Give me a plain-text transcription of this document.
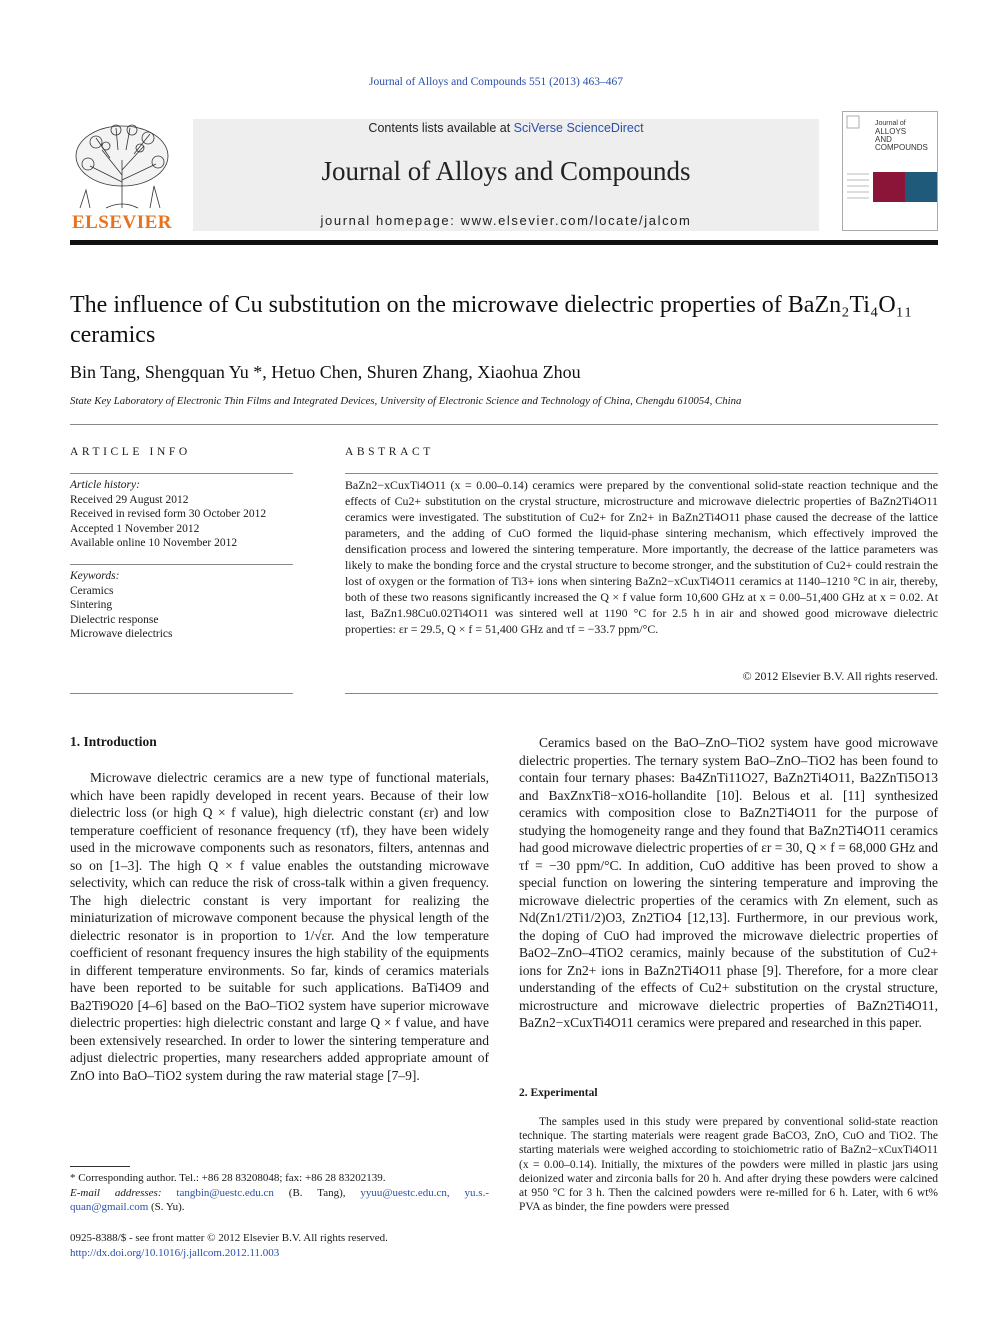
Journal of Alloys and Compounds 551 (2013) 463–467
ELSEVIER
Contents lists available at SciVerse ScienceDirect
Journal of Alloys and Compounds
journal homepage: www.elsevier.com/locate/jalcom
Journal of
ALLOYS
AND COMPOUNDS
The influence of Cu substitution on the microwave dielectric properties of BaZn₂Ti₄O₁₁ ceramics
Bin Tang, Shengquan Yu *, Hetuo Chen, Shuren Zhang, Xiaohua Zhou
State Key Laboratory of Electronic Thin Films and Integrated Devices, University of Electronic Science and Technology of China, Chengdu 610054, China
ARTICLE INFO	ABSTRACT
Article history:
Received 29 August 2012
Received in revised form 30 October 2012
Accepted 1 November 2012
Available online 10 November 2012
Keywords:
Ceramics
Sintering
Dielectric response
Microwave dielectrics
BaZn2−xCuxTi4O11 (x = 0.00–0.14) ceramics were prepared by the conventional solid-state reaction technique and the effects of Cu2+ substitution on the crystal structure, microstructure and microwave dielectric properties of BaZn2Ti4O11 ceramics were investigated. The substitution of Cu2+ for Zn2+ in BaZn2Ti4O11 phase caused the decrease of the lattice parameters, and the adding of CuO formed the liquid-phase sintering mechanism, which effectively improved the densification process and lowered the sintering temperature. More importantly, the decrease of the lattice parameters was likely to make the bonding force and the crystal structure to become stronger, and the substitution of Cu2+ could restrain the lost of oxygen or the formation of Ti3+ ions when sintering BaZn2−xCuxTi4O11 ceramics at 1140–1210 °C in air, thereby, both of these two reasons significantly increased the Q × f value form 10,600 GHz at x = 0.00–51,400 GHz at x = 0.02. At last, BaZn1.98Cu0.02Ti4O11 was sintered well at 1190 °C for 2.5 h in air and showed good microwave dielectric properties: εr = 29.5, Q × f = 51,400 GHz and τf = −33.7 ppm/°C.
© 2012 Elsevier B.V. All rights reserved.
1. Introduction
Microwave dielectric ceramics are a new type of functional materials, which have been rapidly developed in recent years. Because of their low dielectric loss (or high Q × f value), high dielectric constant (εr) and low temperature coefficient of resonance frequency (τf), they have been widely used in the microwave components such as resonators, filters, antennas and so on [1–3]. The high Q × f value enables the outstanding microwave selectivity, which can reduce the risk of cross-talk within a given frequency. The high dielectric constant is very important for realizing the miniaturization of microwave component because the physical length of the dielectric resonator is in proportion to 1/√εr. And the low temperature coefficient of resonant frequency insures the high stability of the equipments in different temperature environments. So far, kinds of ceramics materials have been reported to be suitable for such applications. BaTi4O9 and Ba2Ti9O20 [4–6] based on the BaO–TiO2 system have superior microwave dielectric properties: high dielectric constant and large Q × f value, and have been extensively researched. In order to lower the sintering temperature and adjust dielectric properties, many researchers added appropriate amount of ZnO into BaO–TiO2 system during the raw material stage [7–9].
Ceramics based on the BaO–ZnO–TiO2 system have good microwave dielectric properties. The ternary system BaO–ZnO–TiO2 has been found to contain four ternary phases: Ba4ZnTi11O27, BaZn2Ti4O11, Ba2ZnTi5O13 and BaxZnxTi8−xO16-hollandite [10]. Belous et al. [11] synthesized ceramics with composition close to BaZn2Ti4O11 for the purpose of studying the homogeneity range and they found that BaZn2Ti4O11 ceramics had good microwave dielectric properties of εr = 30, Q × f = 68,000 GHz and τf = −30 ppm/°C. In addition, CuO additive has been proved to show a special function on lowering the sintering temperature and improving the microwave dielectric properties of the ceramics with Zn element, such as Nd(Zn1/2Ti1/2)O3, Zn2TiO4 [12,13]. Furthermore, in our previous work, the doping of CuO had improved the microwave dielectric properties of BaO2–ZnO–4TiO2 ceramics, mainly because of the substitution of Cu2+ ions for Zn2+ ions in BaZn2Ti4O11 phase [9]. Therefore, for a more clear understanding of the effects of Cu2+ substitution on the crystal structure, microstructure and microwave dielectric properties of BaZn2Ti4O11, BaZn2−xCuxTi4O11 ceramics were prepared and researched in this paper.
2. Experimental
The samples used in this study were prepared by conventional solid-state reaction technique. The starting materials were reagent grade BaCO3, ZnO, CuO and TiO2. The starting materials were weighed according to stoichiometric ratio of BaZn2−xCuxTi4O11 (x = 0.00–0.14). Initially, the mixtures of the powders were milled in plastic jars using deionized water and zirconia balls for 20 h. And after drying these powders were calcined at 950 °C for 3 h. Then the calcined powders were re-milled for 6 h. Later, with 6 wt% PVA as binder, the fine powders were pressed
* Corresponding author. Tel.: +86 28 83208048; fax: +86 28 83202139.
E-mail addresses: tangbin@uestc.edu.cn (B. Tang), yyuu@uestc.edu.cn, yu.s.-quan@gmail.com (S. Yu).
0925-8388/$ - see front matter © 2012 Elsevier B.V. All rights reserved.
http://dx.doi.org/10.1016/j.jallcom.2012.11.003
